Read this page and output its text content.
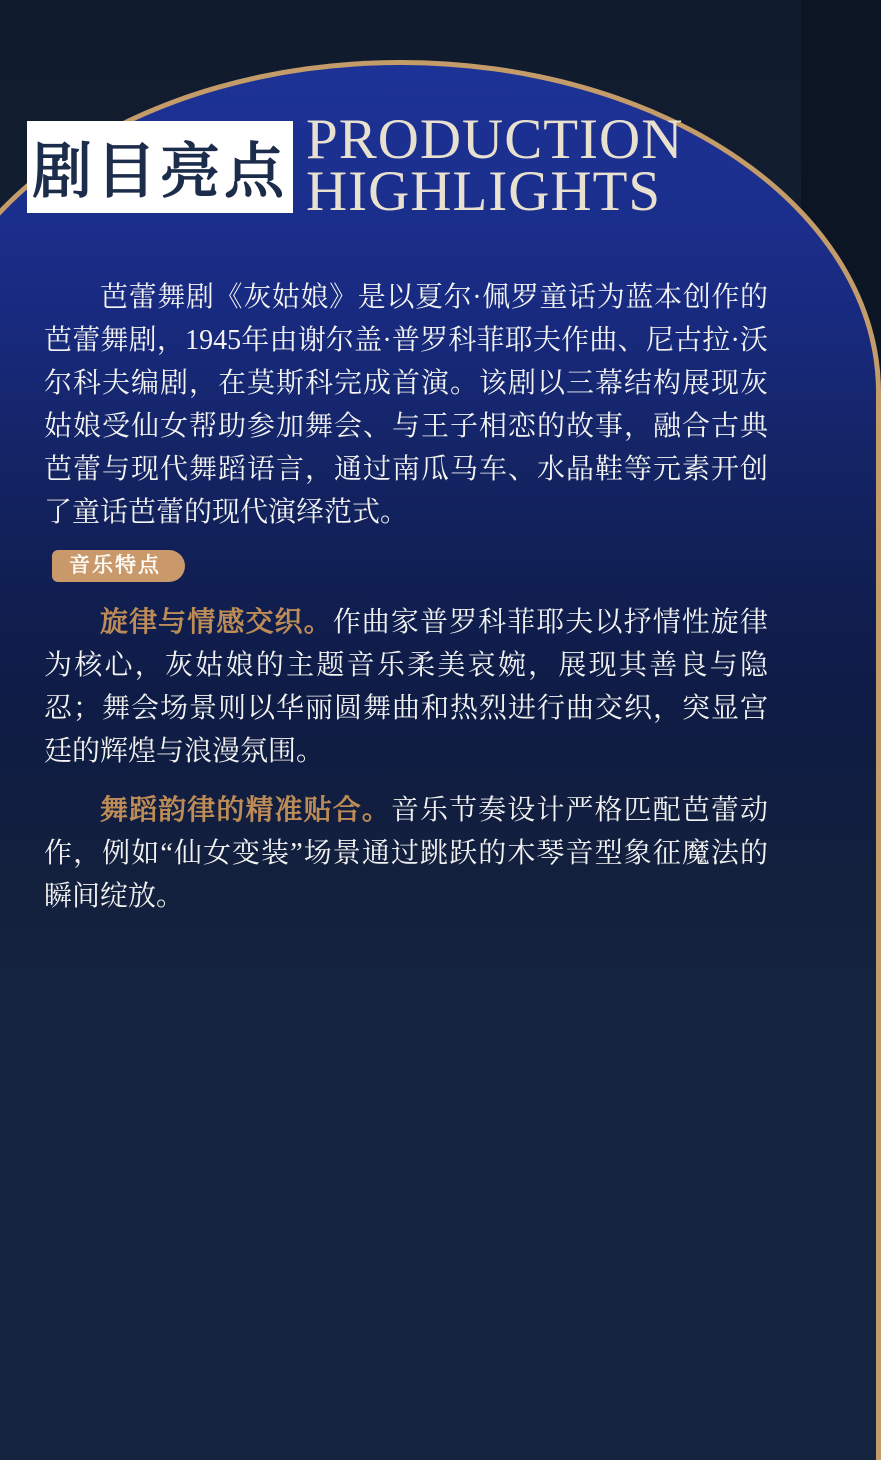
剧目亮点 PRODUCTION
HIGHLIGHTS

芭蕾舞剧《灰姑娘》是以夏尔·佩罗童话为蓝本创作的芭蕾舞剧，1945年由谢尔盖·普罗科菲耶夫作曲、尼古拉·沃尔科夫编剧，在莫斯科完成首演。该剧以三幕结构展现灰姑娘受仙女帮助参加舞会、与王子相恋的故事，融合古典芭蕾与现代舞蹈语言，通过南瓜马车、水晶鞋等元素开创了童话芭蕾的现代演绎范式。

音乐特点

旋律与情感交织。作曲家普罗科菲耶夫以抒情性旋律为核心，灰姑娘的主题音乐柔美哀婉，展现其善良与隐忍；舞会场景则以华丽圆舞曲和热烈进行曲交织，突显宫廷的辉煌与浪漫氛围。

舞蹈韵律的精准贴合。音乐节奏设计严格匹配芭蕾动作，例如“仙女变装”场景通过跳跃的木琴音型象征魔法的瞬间绽放。
